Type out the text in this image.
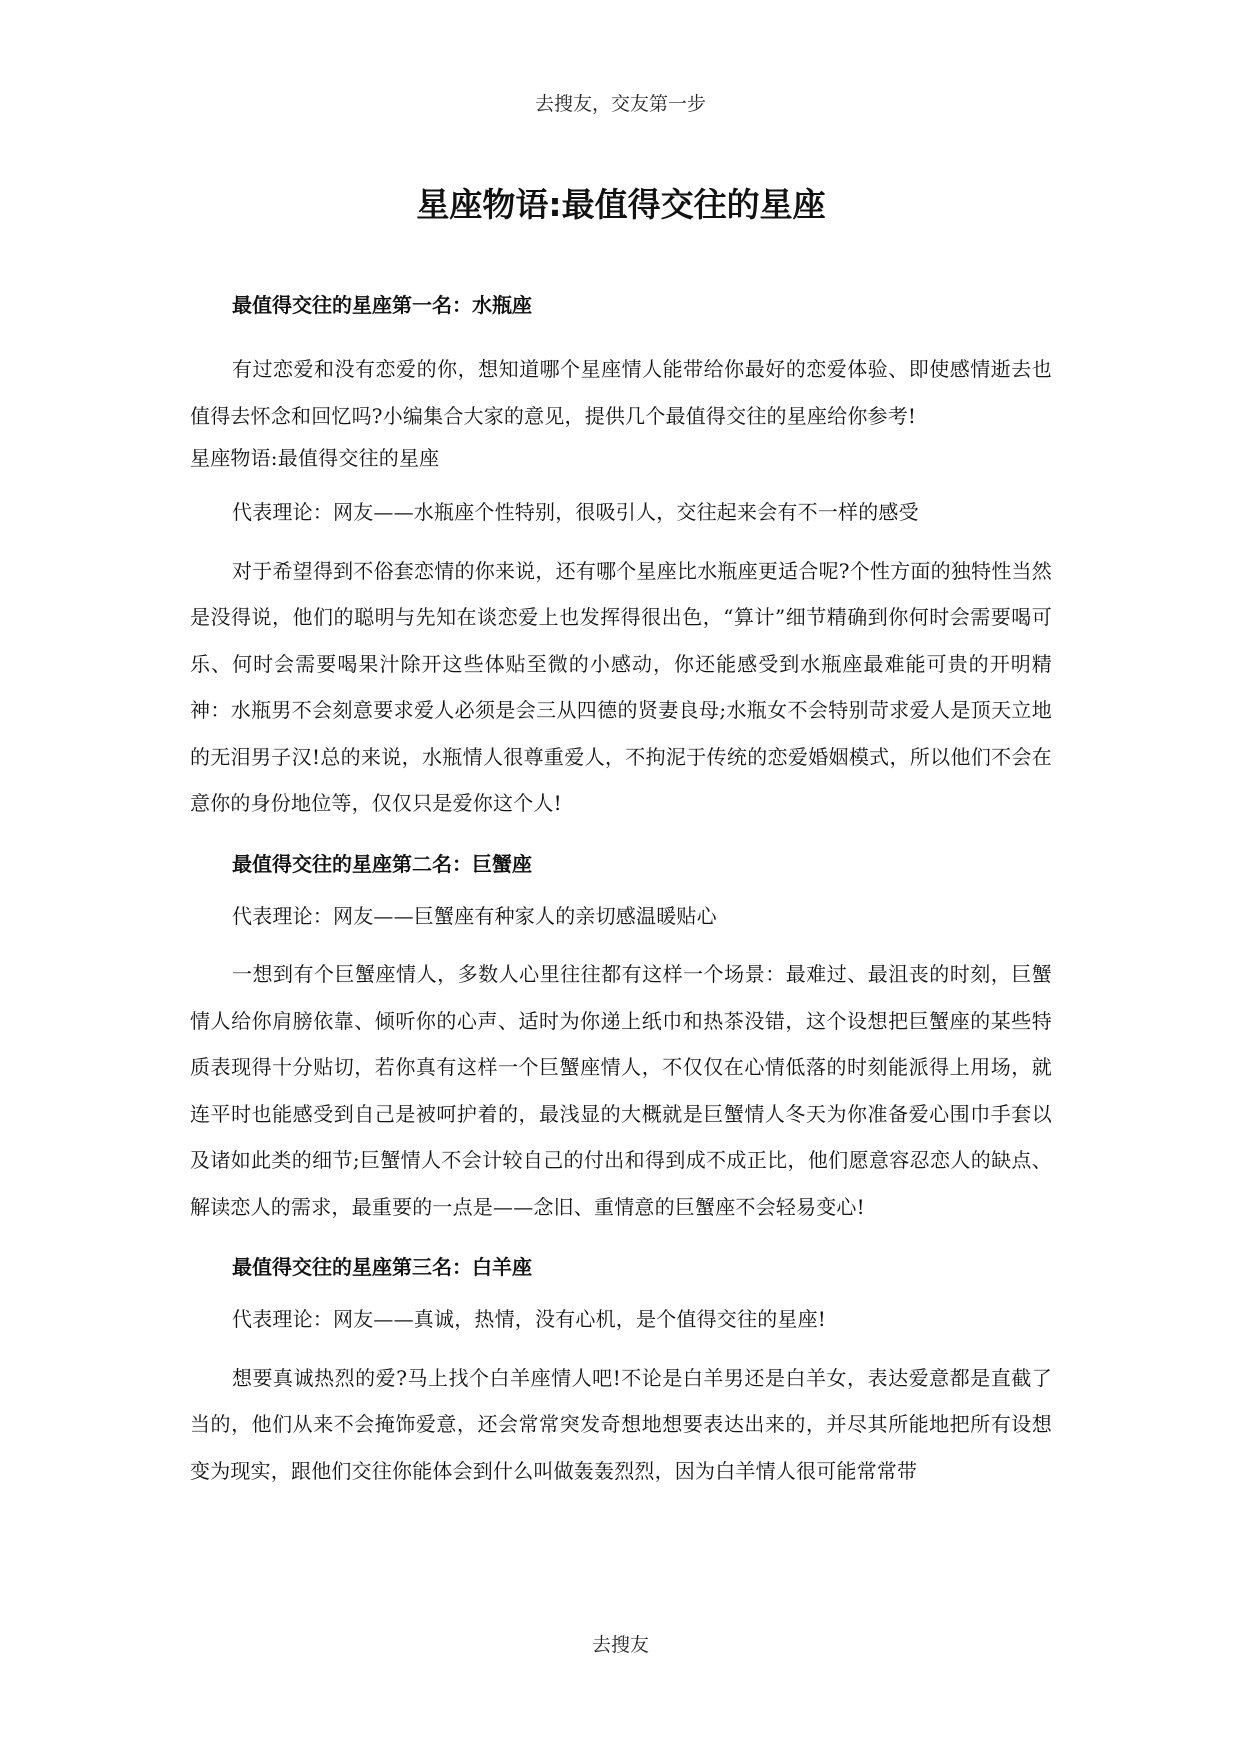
去搜友，交友第一步
星座物语:最值得交往的星座
最值得交往的星座第一名：水瓶座

有过恋爱和没有恋爱的你，想知道哪个星座情人能带给你最好的恋爱体验、即使感情逝去也值得去怀念和回忆吗?小编集合大家的意见，提供几个最值得交往的星座给你参考!

星座物语:最值得交往的星座

代表理论：网友——水瓶座个性特别，很吸引人，交往起来会有不一样的感受

对于希望得到不俗套恋情的你来说，还有哪个星座比水瓶座更适合呢?个性方面的独特性当然是没得说，他们的聪明与先知在谈恋爱上也发挥得很出色，“算计”细节精确到你何时会需要喝可乐、何时会需要喝果汁除开这些体贴至微的小感动，你还能感受到水瓶座最难能可贵的开明精神：水瓶男不会刻意要求爱人必须是会三从四德的贤妻良母;水瓶女不会特别苛求爱人是顶天立地的无泪男子汉!总的来说，水瓶情人很尊重爱人，不拘泥于传统的恋爱婚姻模式，所以他们不会在意你的身份地位等，仅仅只是爱你这个人!

最值得交往的星座第二名：巨蟹座

代表理论：网友——巨蟹座有种家人的亲切感温暖贴心

一想到有个巨蟹座情人，多数人心里往往都有这样一个场景：最难过、最沮丧的时刻，巨蟹情人给你肩膀依靠、倾听你的心声、适时为你递上纸巾和热茶没错，这个设想把巨蟹座的某些特质表现得十分贴切，若你真有这样一个巨蟹座情人，不仅仅在心情低落的时刻能派得上用场，就连平时也能感受到自己是被呵护着的，最浅显的大概就是巨蟹情人冬天为你准备爱心围巾手套以及诸如此类的细节;巨蟹情人不会计较自己的付出和得到成不成正比，他们愿意容忍恋人的缺点、解读恋人的需求，最重要的一点是——念旧、重情意的巨蟹座不会轻易变心!

最值得交往的星座第三名：白羊座

代表理论：网友——真诚，热情，没有心机，是个值得交往的星座!

想要真诚热烈的爱?马上找个白羊座情人吧!不论是白羊男还是白羊女，表达爱意都是直截了当的，他们从来不会掩饰爱意，还会常常突发奇想地想要表达出来的，并尽其所能地把所有设想变为现实，跟他们交往你能体会到什么叫做轰轰烈烈，因为白羊情人很可能常常带

去搜友
